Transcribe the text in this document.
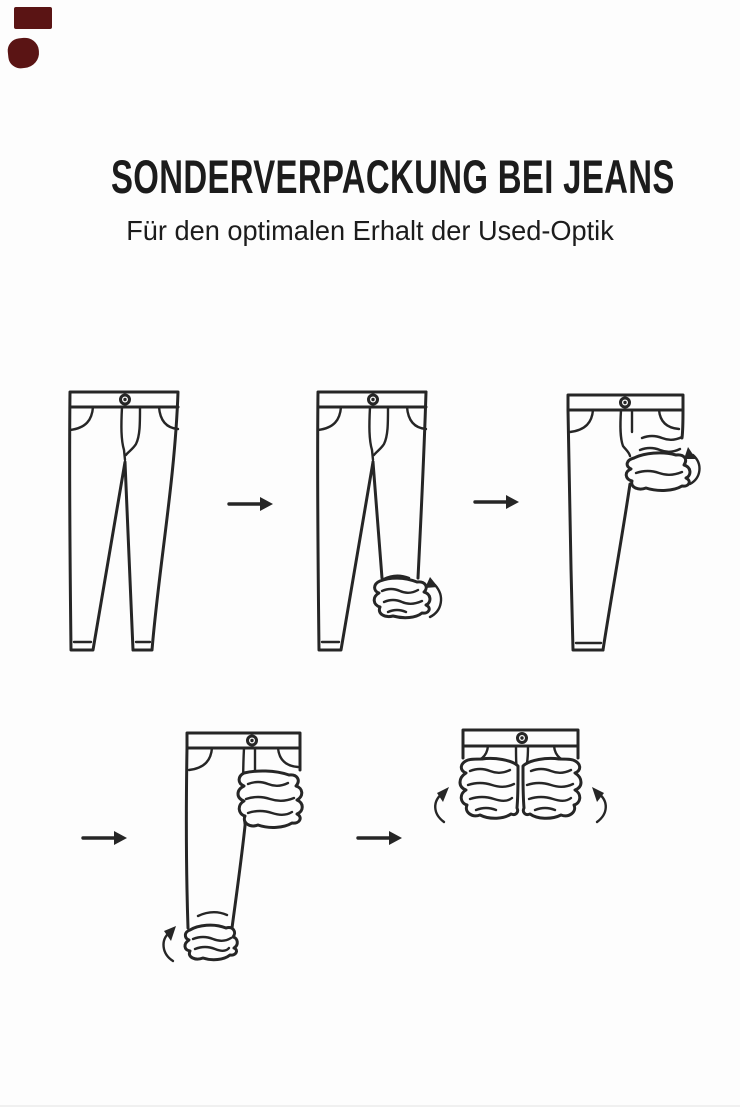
SONDERVERPACKUNG BEI JEANS

Für den optimalen Erhalt der Used-Optik
